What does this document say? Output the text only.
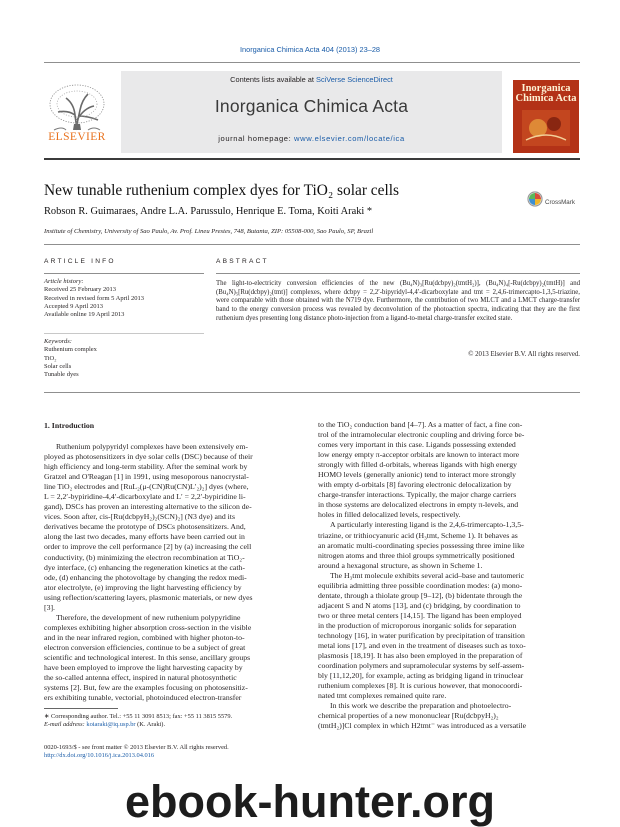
Inorganica Chimica Acta 404 (2013) 23–28
ELSEVIER
Contents lists available at SciVerse ScienceDirect
Inorganica Chimica Acta
journal homepage: www.elsevier.com/locate/ica
Inorganica
Chimica Acta
New tunable ruthenium complex dyes for TiO₂ solar cells
Robson R. Guimaraes, Andre L.A. Parussulo, Henrique E. Toma, Koiti Araki *
Institute of Chemistry, University of Sao Paulo, Av. Prof. Lineu Prestes, 748, Butanta, ZIP: 05508-000, Sao Paulo, SP, Brazil
CrossMark
ARTICLE INFO
Article history:
Received 25 February 2013
Received in revised form 5 April 2013
Accepted 9 April 2013
Available online 19 April 2013
Keywords:
Ruthenium complex
TiO₂
Solar cells
Tunable dyes
ABSTRACT
The light-to-electricity conversion efficiencies of the new (Bu₄N)₃[Ru(dcbpy)₂(tmtH₂)], (Bu₄N)₄[-Ru(dcbpy)₂(tmtH)] and (Bu₄N)₅[Ru(dcbpy)₂(tmt)] complexes, where dcbpy = 2,2′-bipyridyl-4,4′-dicarboxylate and tmt = 2,4,6-trimercapto-1,3,5-triazine, were comparable with those obtained with the N719 dye. Furthermore, the contribution of two MLCT and a LMCT charge-transfer band to the energy conversion process was revealed by deconvolution of the photoaction spectra, indicating that they are the first ruthenium dyes presenting long distance photo-injection from a ligand-to-metal charge-transfer excited state.
© 2013 Elsevier B.V. All rights reserved.
1. Introduction
Ruthenium polypyridyl complexes have been extensively em-
ployed as photosensitizers in dye solar cells (DSC) because of their
high efficiency and long-term stability. After the seminal work by
Gratzel and O'Reagan [1] in 1991, using mesoporous nanocrystal-
line TiO₂ electrodes and [RuL₂(μ-(CN)Ru(CN)L′₂)₂] dyes (where,
L = 2,2′-bypiridine-4,4′-dicarboxylate and L′ = 2,2′-bypiridine li-
gand), DSCs has proven an interesting alternative to the silicon de-
vices. Soon after, cis-[Ru(dcbpyH₂)₂(SCN)₂] (N3 dye) and its
derivatives became the prototype of DSCs photosensitizers. And,
along the last two decades, many efforts have been carried out in
order to improve the cell performance [2] by (a) increasing the cell
conductivity, (b) minimizing the electron recombination at TiO₂-
dye interface, (c) enhancing the regeneration kinetics at the cath-
ode, (d) enhancing the photovoltage by changing the redox medi-
ator electrolyte, (e) improving the light harvesting efficiency by
using reflection/scattering layers, plasmonic materials, or new dyes
[3].
Therefore, the development of new ruthenium polypyridine
complexes exhibiting higher absorption cross-section in the visible
and in the near infrared region, combined with higher photon-to-
electron conversion efficiencies, continue to be a subject of great
scientific and technological interest. In this sense, ancillary groups
have been employed to improve the light harvesting capacity by
the so-called antenna effect, inspired in natural photosynthetic
systems [2]. But, few are the examples focusing on photosensitiz-
ers exhibiting tunable, vectorial, photoinduced electron-transfer
to the TiO₂ conduction band [4–7]. As a matter of fact, a fine con-
trol of the intramolecular electronic coupling and driving force be-
comes very important in this case. Ligands possessing extended
low energy empty π-acceptor orbitals are known to interact more
strongly with filled d-orbitals, whereas ligands with high energy
HOMO levels (generally anionic) tend to interact more strongly
with empty d-orbitals [8] favoring electronic delocalization by
charge-transfer interactions. Typically, the major charge carriers
in those systems are delocalized electrons in empty π-levels, and
holes in filled delocalized levels, respectively.
A particularly interesting ligand is the 2,4,6-trimercapto-1,3,5-
triazine, or trithiocyanuric acid (H₃tmt, Scheme 1). It behaves as
an aromatic multi-coordinating species possessing three imine like
nitrogen atoms and three thiol groups symmetrically positioned
around a hexagonal structure, as shown in Scheme 1.
The H₃tmt molecule exhibits several acid–base and tautomeric
equilibria admitting three possible coordination modes: (a) mono-
dentate, through a thiolate group [9–12], (b) bidentate through the
adjacent S and N atoms [13], and (c) bridging, by coordination to
two or three metal centers [14,15]. The ligand has been employed
in the production of microporous inorganic solids for separation
technology [16], in water purification by precipitation of transition
metal ions [17], and even in the treatment of diseases such as toxo-
plasmosis [18,19]. It has also been employed in the preparation of
coordination polymers and supramolecular systems by self-assem-
bly [11,12,20], for example, acting as bridging ligand in trinuclear
ruthenium complexes [8]. It is curious however, that monocoordi-
nated tmt complexes remained quite rare.
In this work we describe the preparation and photoelectro-
chemical properties of a new mononuclear [Ru(dcbpyH₂)₂
(tmtH₂)]Cl complex in which H2tmt⁻ was introduced as a versatile
∗ Corresponding author. Tel.: +55 11 3091 8513; fax: +55 11 3815 5579.
E-mail address: koiaraki@iq.usp.br (K. Araki).
0020-1693/$ - see front matter © 2013 Elsevier B.V. All rights reserved.
http://dx.doi.org/10.1016/j.ica.2013.04.016
ebook-hunter.org
